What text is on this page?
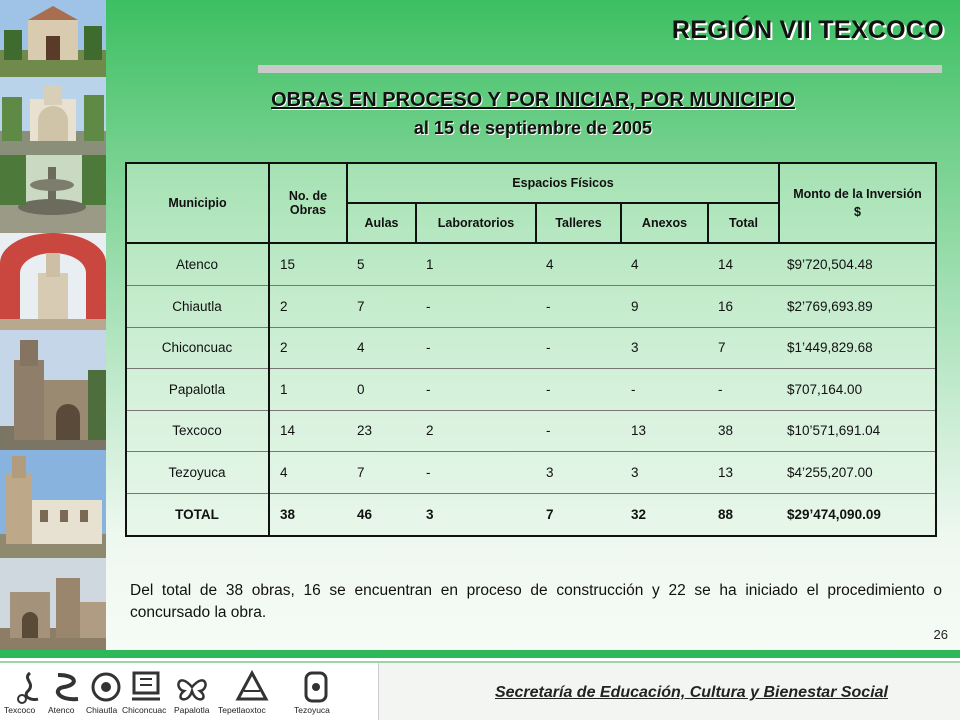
REGIÓN VII TEXCOCO
OBRAS EN PROCESO Y POR INICIAR, POR MUNICIPIO
al 15 de septiembre de 2005
Municipio	No. de Obras	Espacios Físicos					Monto de la Inversión
$

		Aulas	Laboratorios	Talleres	Anexos	Total	
Atenco	15	5	1	4	4	14	$9’720,504.48
Chiautla	2	7	-	-	9	16	$2’769,693.89
Chiconcuac	2	4	-	-	3	7	$1’449,829.68
Papalotla	1	0	-	-	-	-	$707,164.00
Texcoco	14	23	2	-	13	38	$10’571,691.04
Tezoyuca	4	7	-	3	3	13	$4’255,207.00
TOTAL	38	46	3	7	32	88	$29’474,090.09
Del total de 38 obras, 16 se encuentran en proceso de construcción y 22 se ha iniciado el procedimiento o concursado la obra.
26
Texcoco Atenco Chiautla Chiconcuac Papalotla Tepetlaoxtoc	Tezoyuca
Secretaría de Educación, Cultura y Bienestar Social
